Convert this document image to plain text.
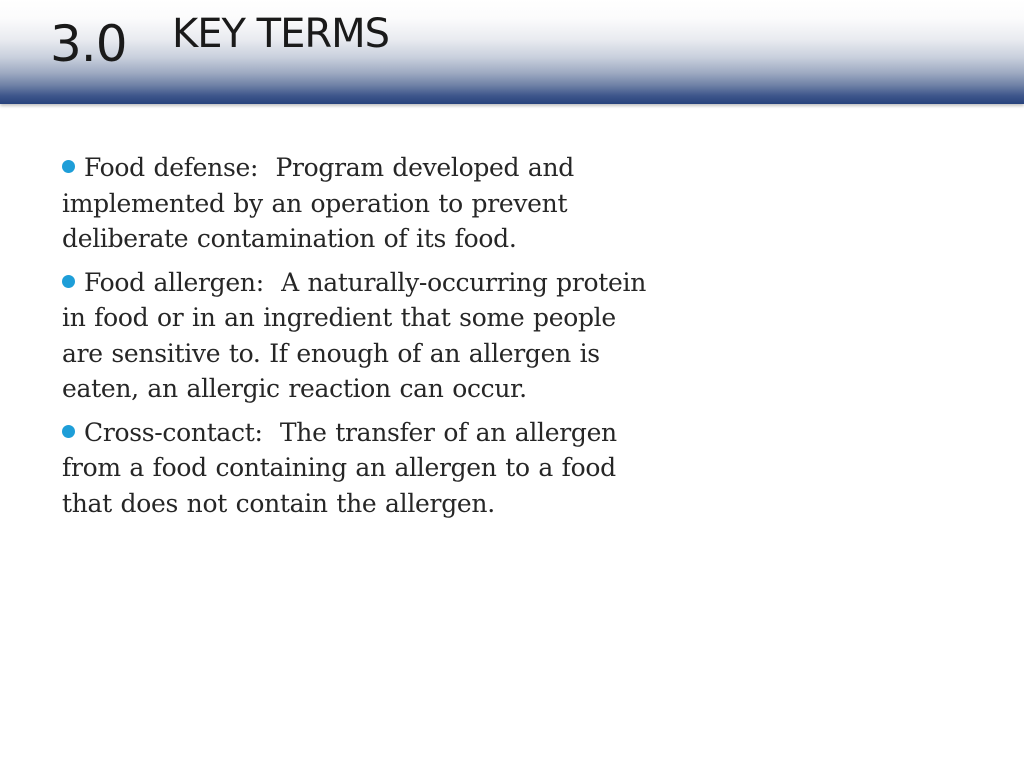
3.0 KEY TERMS
Food defense : Program developed and implemented by an operation to prevent deliberate contamination of its food.
Food allergen : A naturally-occurring protein in food or in an ingredient that some people are sensitive to. If enough of an allergen is eaten, an allergic reaction can occur.
Cross-contact : The transfer of an allergen from a food containing an allergen to a food that does not contain the allergen.
